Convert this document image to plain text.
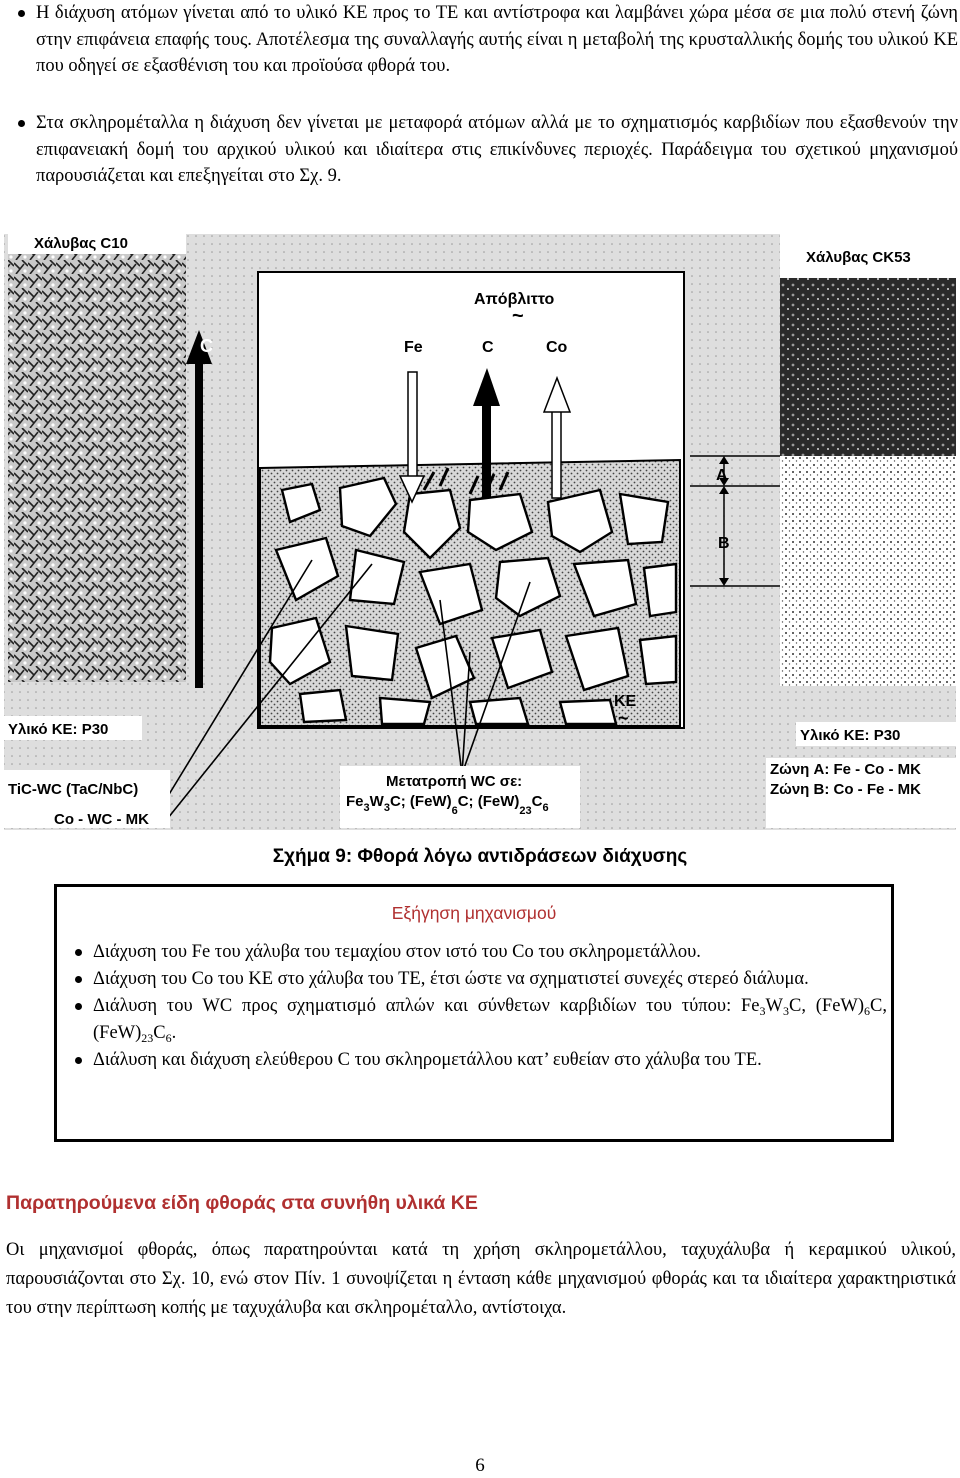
Η διάχυση ατόμων γίνεται από το υλικό ΚΕ προς το ΤΕ και αντίστροφα και λαμβάνει χώρα μέσα σε μια πολύ στενή ζώνη στην επιφάνεια επαφής τους. Αποτέλεσμα της συναλλαγής αυτής είναι η μεταβολή της κρυσταλλικής δομής του υλικού ΚΕ που οδηγεί σε εξασθένιση του και προϊούσα φθορά του.

Στα σκληρομέταλλα η διάχυση δεν γίνεται με μεταφορά ατόμων αλλά με το σχηματισμός καρβιδίων που εξασθενούν την επιφανειακή δομή του αρχικού υλικού και ιδιαίτερα στις επικίνδυνες περιοχές. Παράδειγμα του σχετικού μηχανισμού παρουσιάζεται και επεξηγείται στο Σχ. 9.

Χάλυβας C10
Χάλυβας CK53
Απόβλιττο
~
Fe	C	Co
C
A
B
ΚΕ
~
Υλικό ΚΕ: P30	Υλικό ΚΕ: P30
TiC-WC (TaC/NbC)
Co - WC - MK
Μετατροπή WC σε:
$Fe_3W_3C$; $(FeW)_6C$; $(FeW)_{23}C_6$
Ζώνη A: Fe - Co - MK
Ζώνη B: Co - Fe - MK
Σχήμα 9: Φθορά λόγω αντιδράσεων διάχυσης
Εξήγηση μηχανισμού
Διάχυση του Fe του χάλυβα του τεμαχίου στον ιστό του Co του σκληρομετάλλου.
Διάχυση του Co του ΚΕ στο χάλυβα του ΤΕ, έτσι ώστε να σχηματιστεί συνεχές στερεό διάλυμα.
Διάλυση του WC προς σχηματισμό απλών και σύνθετων καρβιδίων του τύπου: $Fe_3W_3C$, $(FeW)_6C$, $(FeW)_{23}C_6$.
Διάλυση και διάχυση ελεύθερου C του σκληρομετάλλου κατ’ ευθείαν στο χάλυβα του ΤΕ.
Παρατηρούμενα είδη φθοράς στα συνήθη υλικά ΚΕ

Οι μηχανισμοί φθοράς, όπως παρατηρούνται κατά τη χρήση σκληρομετάλλου, ταχυχάλυβα ή κεραμικού υλικού, παρουσιάζονται στο Σχ. 10, ενώ στον Πίν. 1 συνοψίζεται η ένταση κάθε μηχανισμού φθοράς και τα ιδιαίτερα χαρακτηριστικά του στην περίπτωση κοπής με ταχυχάλυβα και σκληρομέταλλο, αντίστοιχα.

6
